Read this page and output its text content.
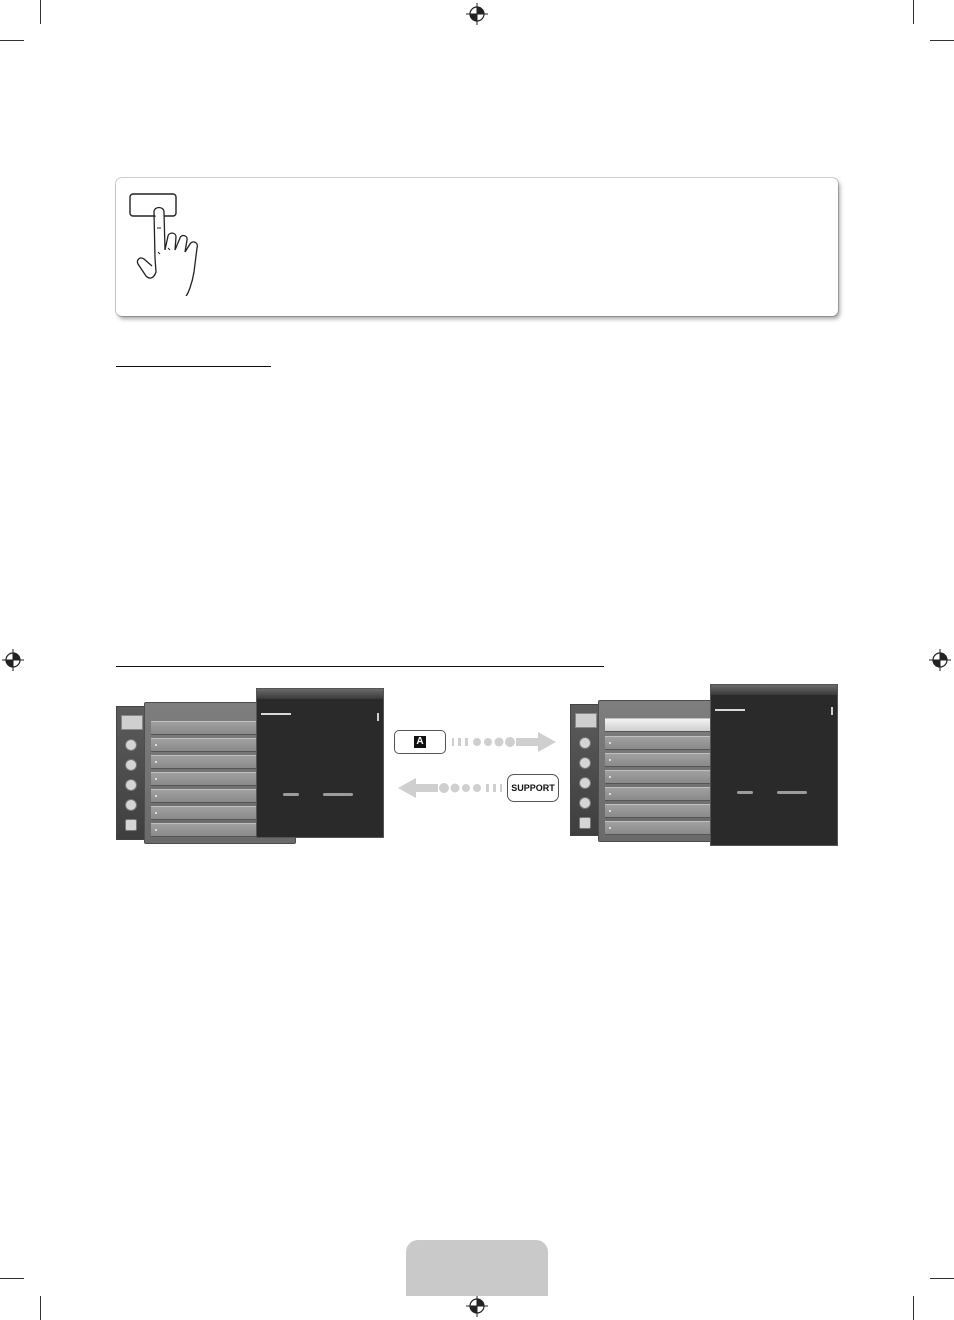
A
SUPPORT
